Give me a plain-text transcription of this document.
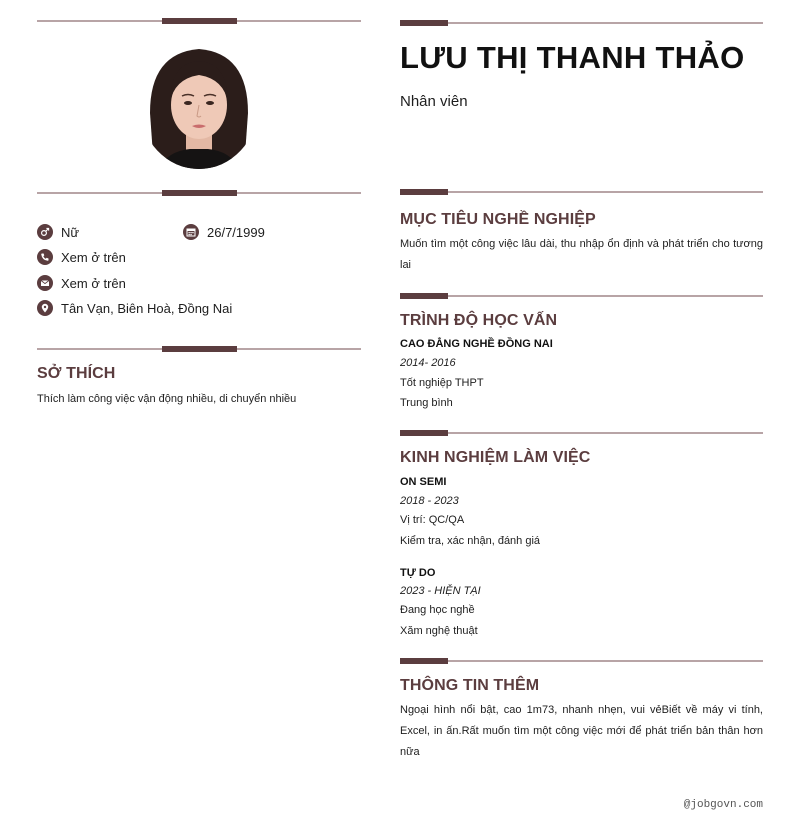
Nữ	26/7/1999
Xem ở trên
Xem ở trên
Tân Vạn, Biên Hoà, Đồng Nai
SỞ THÍCH
Thích làm công việc vận động nhiều, di chuyển nhiều
LƯU THỊ THANH THẢO
Nhân viên
MỤC TIÊU NGHỀ NGHIỆP
Muốn tìm một công việc lâu dài, thu nhập ổn định và phát triển cho tương lai
TRÌNH ĐỘ HỌC VẤN
CAO ĐẲNG NGHỀ ĐỒNG NAI
2014- 2016
Tốt nghiệp THPT
Trung bình
KINH NGHIỆM LÀM VIỆC
ON SEMI
2018 - 2023
Vị trí: QC/QA
Kiểm tra, xác nhận, đánh giá
TỰ DO
2023 - HIỆN TẠI
Đang học nghề
Xăm nghệ thuật
THÔNG TIN THÊM
Ngoại hình nổi bật, cao 1m73, nhanh nhẹn, vui vẻBiết về máy vi tính, Excel, in ấn.Rất muốn tìm một công việc mới để phát triển bản thân hơn nữa
@jobgovn.com
